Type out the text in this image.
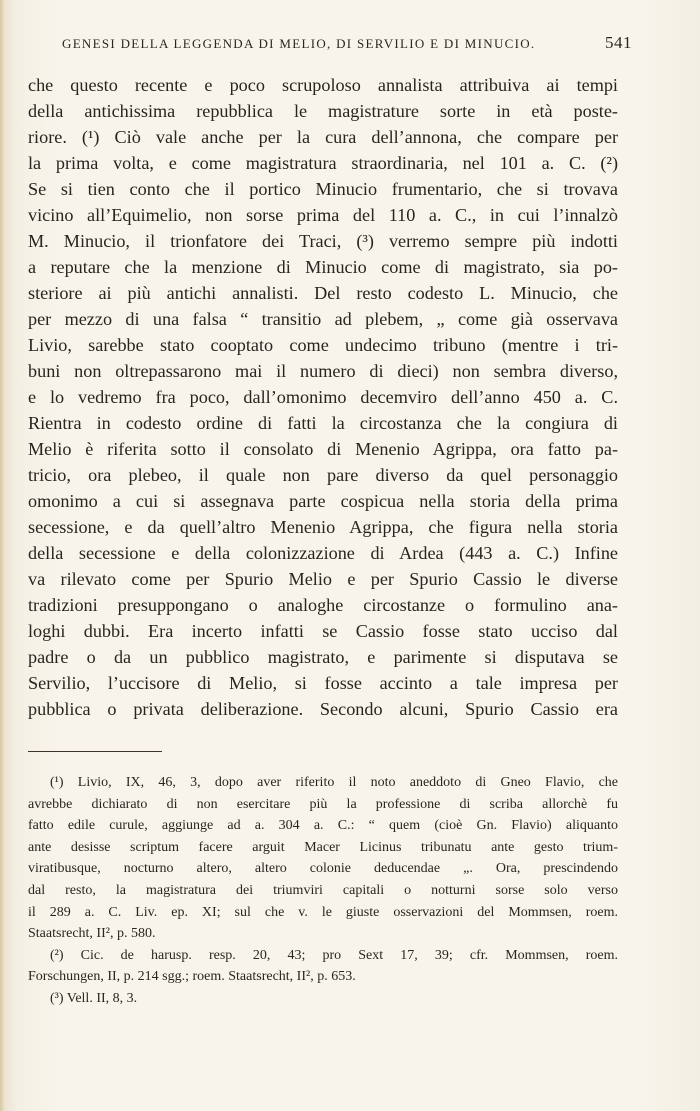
GENESI DELLA LEGGENDA DI MELIO, DI SERVILIO E DI MINUCIO.	541
che questo recente e poco scrupoloso annalista attribuiva ai tempi
della antichissima repubblica le magistrature sorte in età poste-
riore. (¹) Ciò vale anche per la cura dell’annona, che compare per
la prima volta, e come magistratura straordinaria, nel 101 a. C. (²)
Se si tien conto che il portico Minucio frumentario, che si trovava
vicino all’Equimelio, non sorse prima del 110 a. C., in cui l’innalzò
M. Minucio, il trionfatore dei Traci, (³) verremo sempre più indotti
a reputare che la menzione di Minucio come di magistrato, sia po-
steriore ai più antichi annalisti. Del resto codesto L. Minucio, che
per mezzo di una falsa “ transitio ad plebem, „ come già osservava
Livio, sarebbe stato cooptato come undecimo tribuno (mentre i tri-
buni non oltrepassarono mai il numero di dieci) non sembra diverso,
e lo vedremo fra poco, dall’omonimo decemviro dell’anno 450 a. C.
Rientra in codesto ordine di fatti la circostanza che la congiura di
Melio è riferita sotto il consolato di Menenio Agrippa, ora fatto pa-
tricio, ora plebeo, il quale non pare diverso da quel personaggio
omonimo a cui si assegnava parte cospicua nella storia della prima
secessione, e da quell’altro Menenio Agrippa, che figura nella storia
della secessione e della colonizzazione di Ardea (443 a. C.) Infine
va rilevato come per Spurio Melio e per Spurio Cassio le diverse
tradizioni presuppongano o analoghe circostanze o formulino ana-
loghi dubbi. Era incerto infatti se Cassio fosse stato ucciso dal
padre o da un pubblico magistrato, e parimente si disputava se
Servilio, l’uccisore di Melio, si fosse accinto a tale impresa per
pubblica o privata deliberazione. Secondo alcuni, Spurio Cassio era
(¹) Livio, IX, 46, 3, dopo aver riferito il noto aneddoto di Gneo Flavio, che
avrebbe dichiarato di non esercitare più la professione di scriba allorchè fu
fatto edile curule, aggiunge ad a. 304 a. C.: “ quem (cioè Gn. Flavio) aliquanto
ante desisse scriptum facere arguit Macer Licinus tribunatu ante gesto trium-
viratibusque, nocturno altero, altero colonie deducendae „. Ora, prescindendo
dal resto, la magistratura dei triumviri capitali o notturni sorse solo verso
il 289 a. C. Liv. ep. XI; sul che v. le giuste osservazioni del Mommsen, roem.
Staatsrecht, II², p. 580.
(²) Cic. de harusp. resp. 20, 43; pro Sext 17, 39; cfr. Mommsen, roem.
Forschungen, II, p. 214 sgg.; roem. Staatsrecht, II², p. 653.
(³) Vell. II, 8, 3.
